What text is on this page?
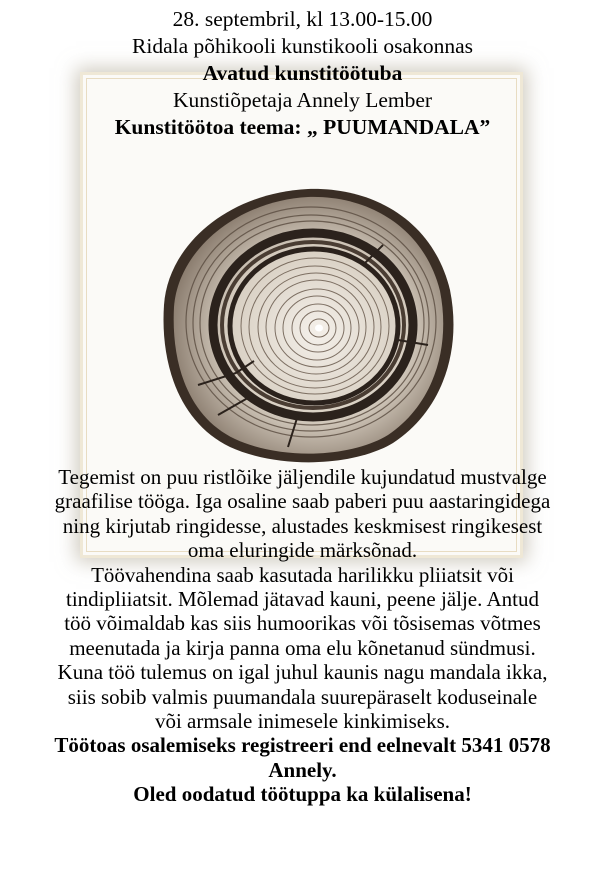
28. septembril, kl 13.00-15.00
Ridala põhikooli kunstikooli osakonnas
Avatud kunstitöötuba
Kunstiõpetaja Annely Lember
Kunstitöötoa teema: „ PUUMANDALA”
Tegemist on puu ristlõike jäljendile kujundatud mustvalge
graafilise tööga. Iga osaline saab paberi puu aastaringidega
ning kirjutab ringidesse, alustades keskmisest ringikesest
oma eluringide märksõnad.
Töövahendina saab kasutada harilikku pliiatsit või
tindipliiatsit. Mõlemad jätavad kauni, peene jälje. Antud
töö võimaldab kas siis humoorikas või tõsisemas võtmes
meenutada ja kirja panna oma elu kõnetanud sündmusi.
Kuna töö tulemus on igal juhul kaunis nagu mandala ikka,
siis sobib valmis puumandala suurepäraselt koduseinale
või armsale inimesele kinkimiseks.
Töötoas osalemiseks registreeri end eelnevalt 5341 0578
Annely.
Oled oodatud töötuppa ka külalisena!
